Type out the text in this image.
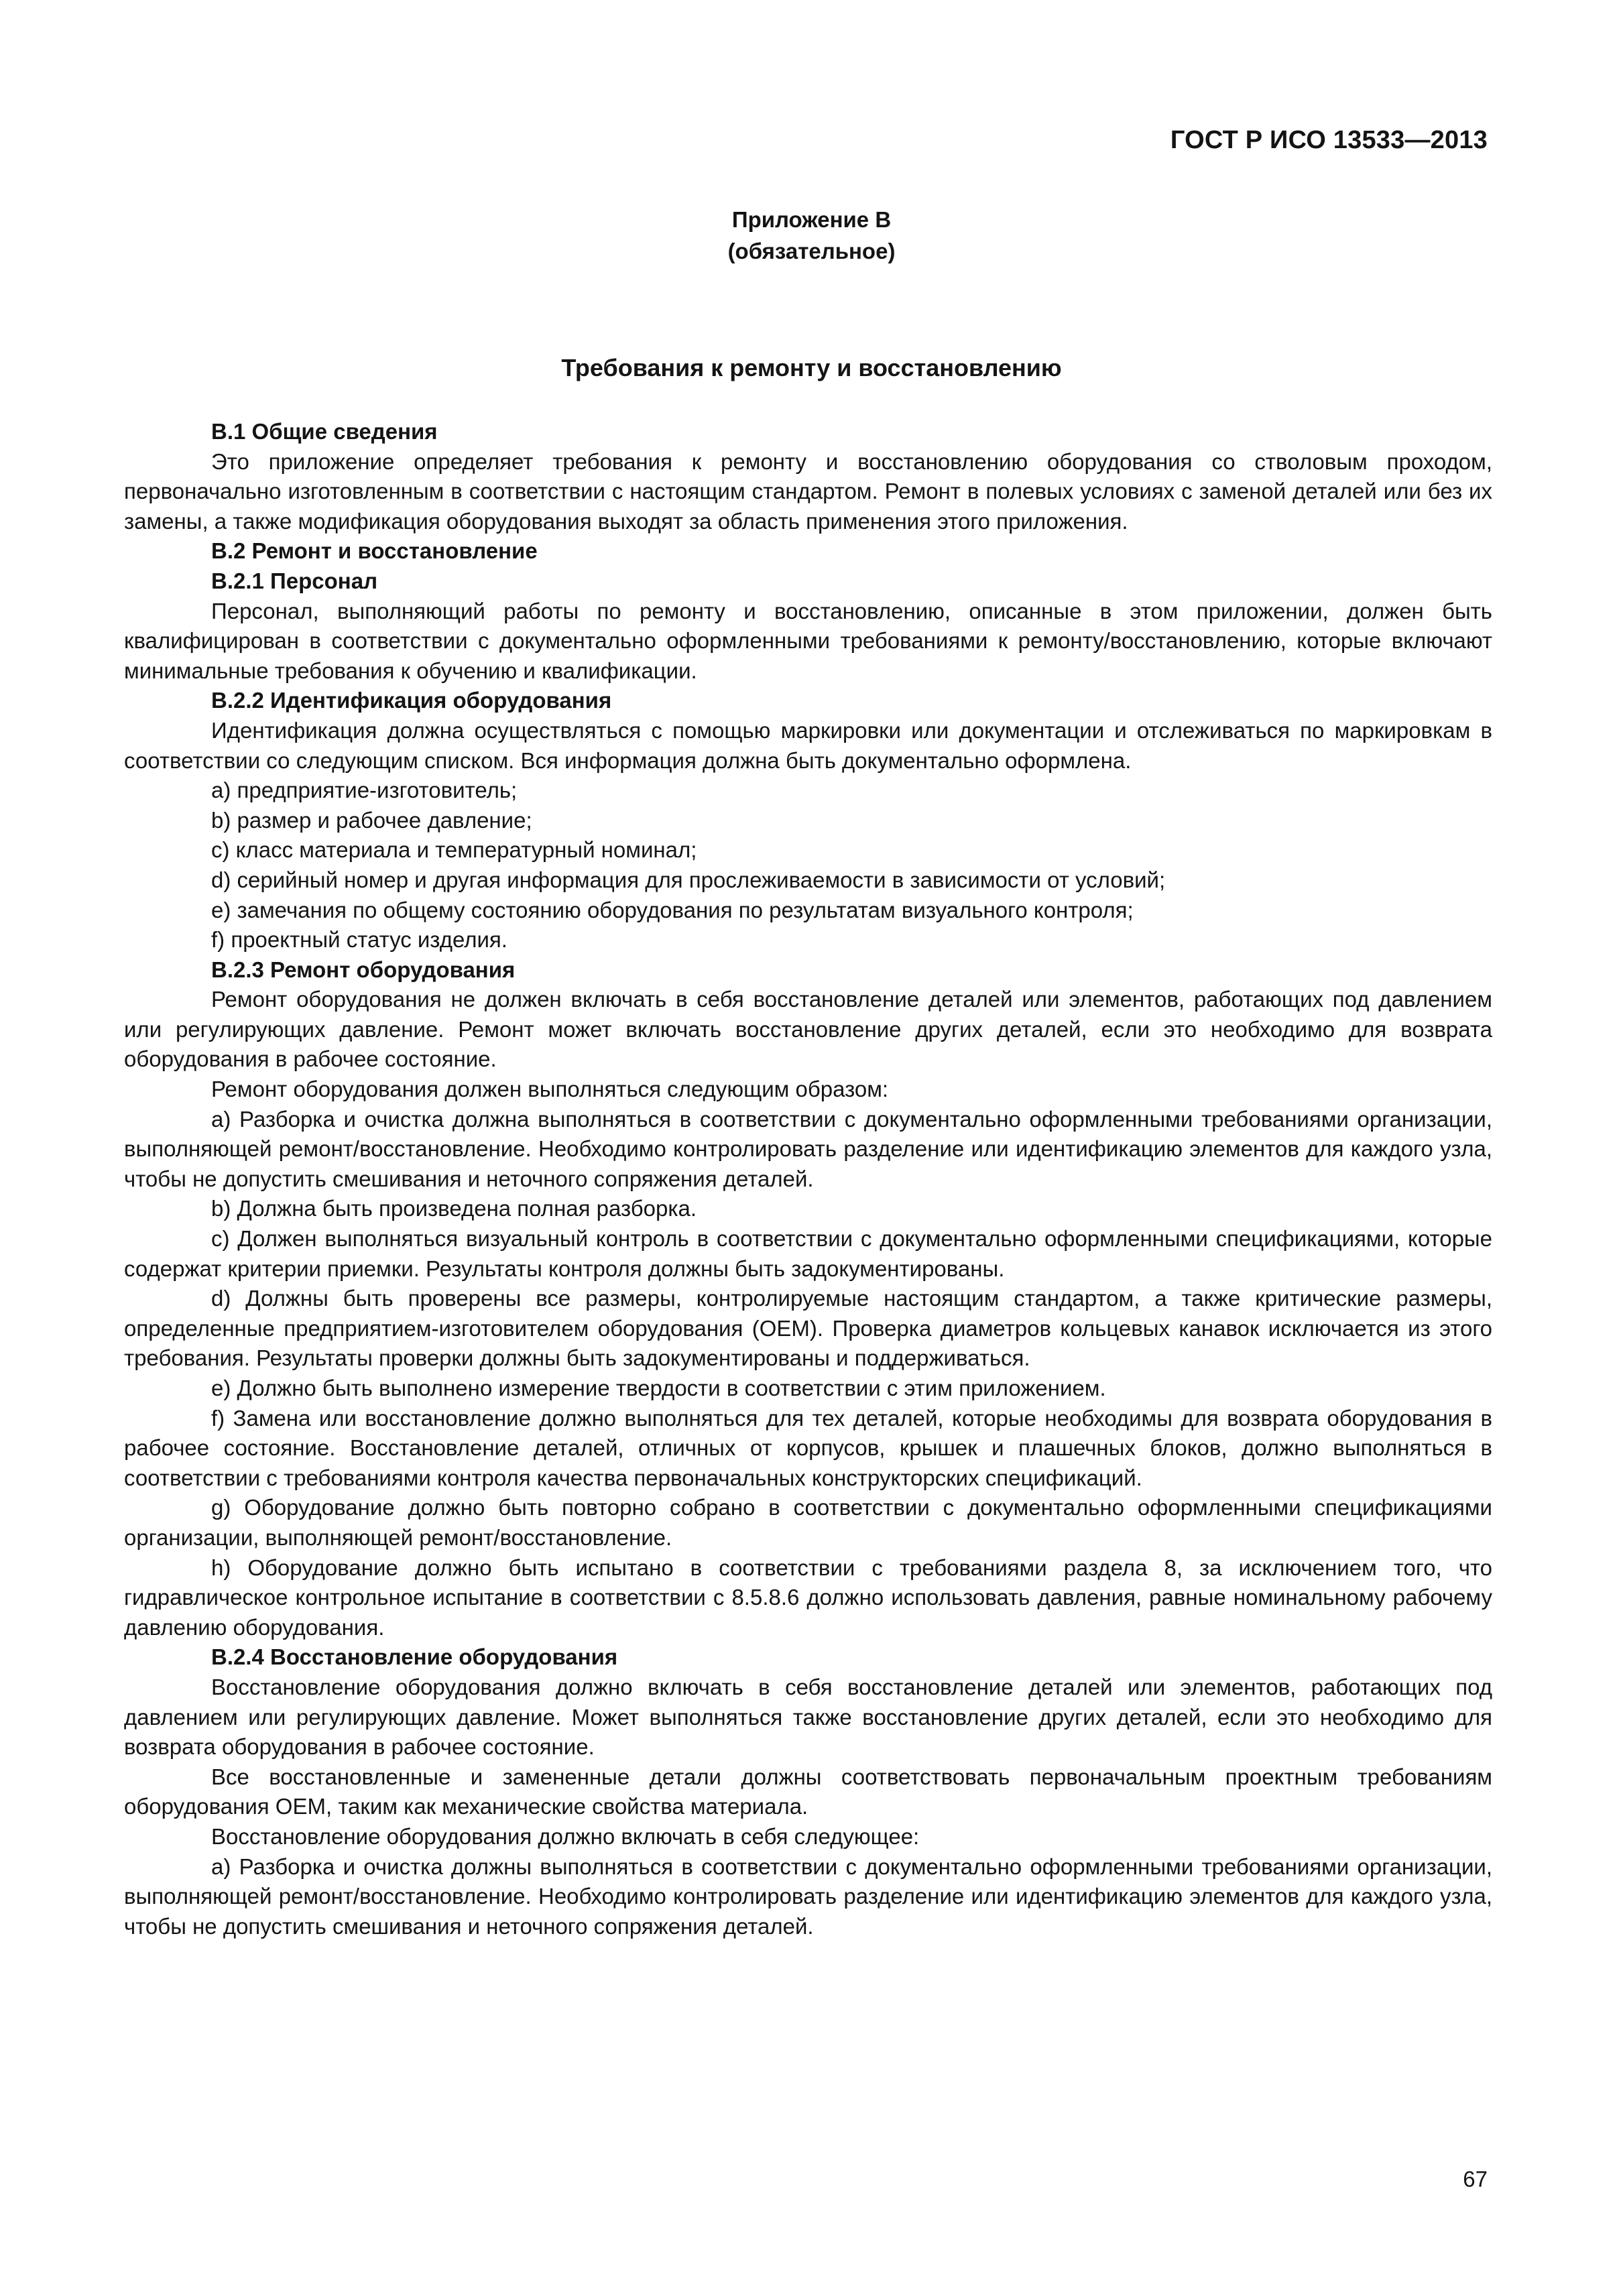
ГОСТ Р ИСО 13533—2013
Приложение В
(обязательное)
Требования к ремонту и восстановлению
В.1 Общие сведения

Это приложение определяет требования к ремонту и восстановлению оборудования со стволовым проходом, первоначально изготовленным в соответствии с настоящим стандартом. Ремонт в полевых условиях с заменой деталей или без их замены, а также модификация оборудования выходят за область применения этого приложения.

В.2 Ремонт и восстановление
В.2.1 Персонал

Персонал, выполняющий работы по ремонту и восстановлению, описанные в этом приложении, должен быть квалифицирован в соответствии с документально оформленными требованиями к ремонту/восстановлению, которые включают минимальные требования к обучению и квалификации.

В.2.2 Идентификация оборудования

Идентификация должна осуществляться с помощью маркировки или документации и отслеживаться по маркировкам в соответствии со следующим списком. Вся информация должна быть документально оформлена.

a) предприятие-изготовитель;

b) размер и рабочее давление;

c) класс материала и температурный номинал;

d) серийный номер и другая информация для прослеживаемости в зависимости от условий;

e) замечания по общему состоянию оборудования по результатам визуального контроля;

f) проектный статус изделия.

В.2.3 Ремонт оборудования

Ремонт оборудования не должен включать в себя восстановление деталей или элементов, работающих под давлением или регулирующих давление. Ремонт может включать восстановление других деталей, если это необходимо для возврата оборудования в рабочее состояние.

Ремонт оборудования должен выполняться следующим образом:

a) Разборка и очистка должна выполняться в соответствии с документально оформленными требованиями организации, выполняющей ремонт/восстановление. Необходимо контролировать разделение или идентификацию элементов для каждого узла, чтобы не допустить смешивания и неточного сопряжения деталей.

b) Должна быть произведена полная разборка.

c) Должен выполняться визуальный контроль в соответствии с документально оформленными спецификациями, которые содержат критерии приемки. Результаты контроля должны быть задокументированы.

d) Должны быть проверены все размеры, контролируемые настоящим стандартом, а также критические размеры, определенные предприятием-изготовителем оборудования (OEM). Проверка диаметров кольцевых канавок исключается из этого требования. Результаты проверки должны быть задокументированы и поддерживаться.

e) Должно быть выполнено измерение твердости в соответствии с этим приложением.

f) Замена или восстановление должно выполняться для тех деталей, которые необходимы для возврата оборудования в рабочее состояние. Восстановление деталей, отличных от корпусов, крышек и плашечных блоков, должно выполняться в соответствии с требованиями контроля качества первоначальных конструкторских спецификаций.

g) Оборудование должно быть повторно собрано в соответствии с документально оформленными спецификациями организации, выполняющей ремонт/восстановление.

h) Оборудование должно быть испытано в соответствии с требованиями раздела 8, за исключением того, что гидравлическое контрольное испытание в соответствии с 8.5.8.6 должно использовать давления, равные номинальному рабочему давлению оборудования.

В.2.4 Восстановление оборудования

Восстановление оборудования должно включать в себя восстановление деталей или элементов, работающих под давлением или регулирующих давление. Может выполняться также восстановление других деталей, если это необходимо для возврата оборудования в рабочее состояние.

Все восстановленные и замененные детали должны соответствовать первоначальным проектным требованиям оборудования OEM, таким как механические свойства материала.

Восстановление оборудования должно включать в себя следующее:

a) Разборка и очистка должны выполняться в соответствии с документально оформленными требованиями организации, выполняющей ремонт/восстановление. Необходимо контролировать разделение или идентификацию элементов для каждого узла, чтобы не допустить смешивания и неточного сопряжения деталей.

67
